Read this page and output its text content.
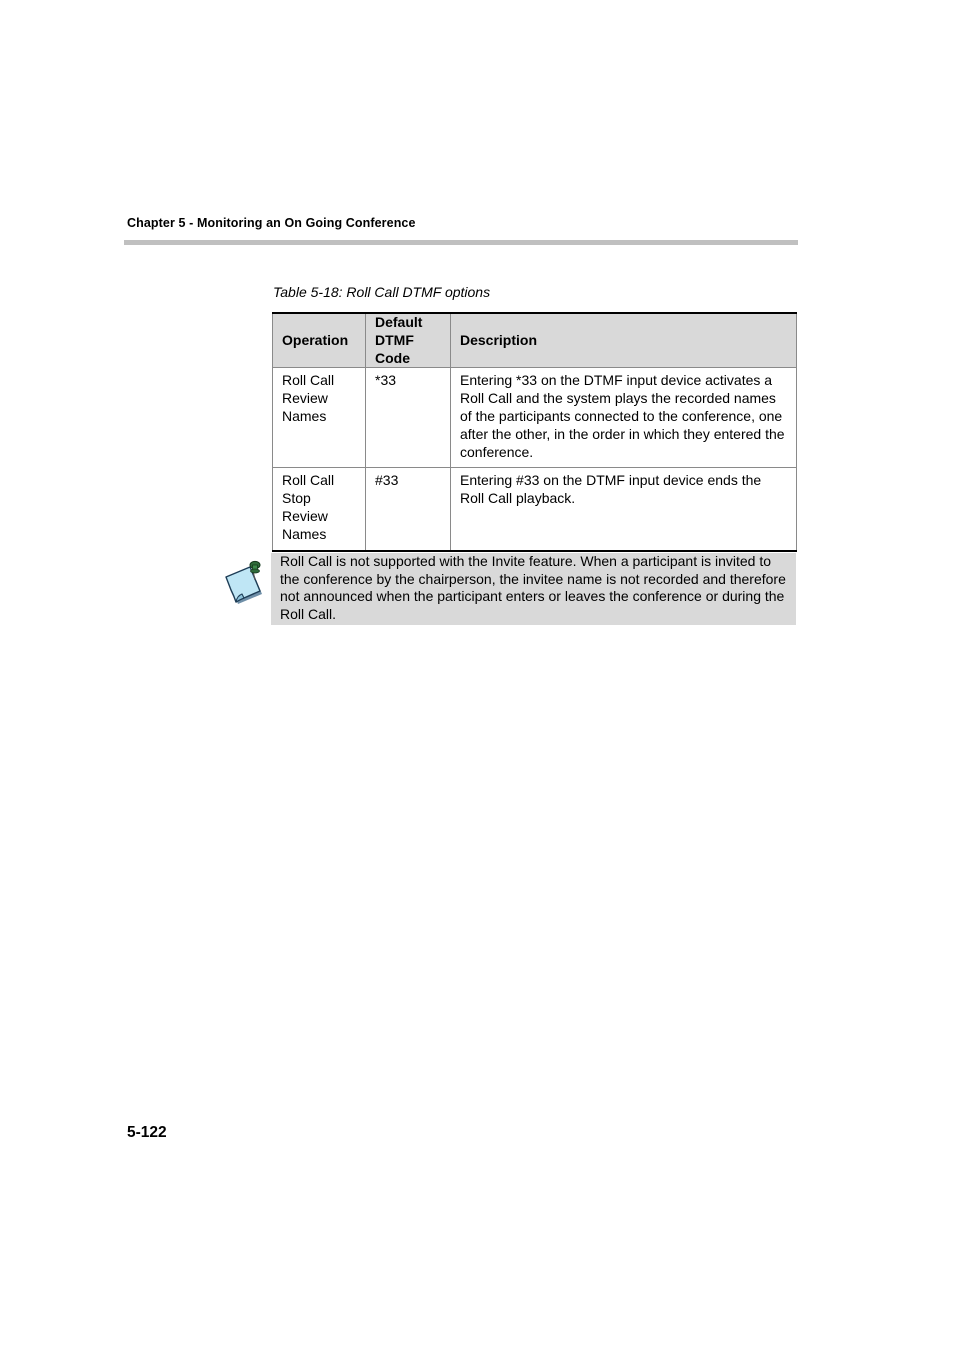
Chapter 5 - Monitoring an On Going Conference
Table 5-18: Roll Call DTMF options
Operation	Default DTMF Code	Description
Roll Call Review Names	*33	Entering *33 on the DTMF input device activates a Roll Call and the system plays the recorded names of the participants connected to the conference, one after the other, in the order in which they entered the conference.
Roll Call Stop Review Names	#33	Entering #33 on the DTMF input device ends the Roll Call playback.
Roll Call is not supported with the Invite feature. When a participant is invited to the conference by the chairperson, the invitee name is not recorded and therefore not announced when the participant enters or leaves the conference or during the Roll Call.
5-122
